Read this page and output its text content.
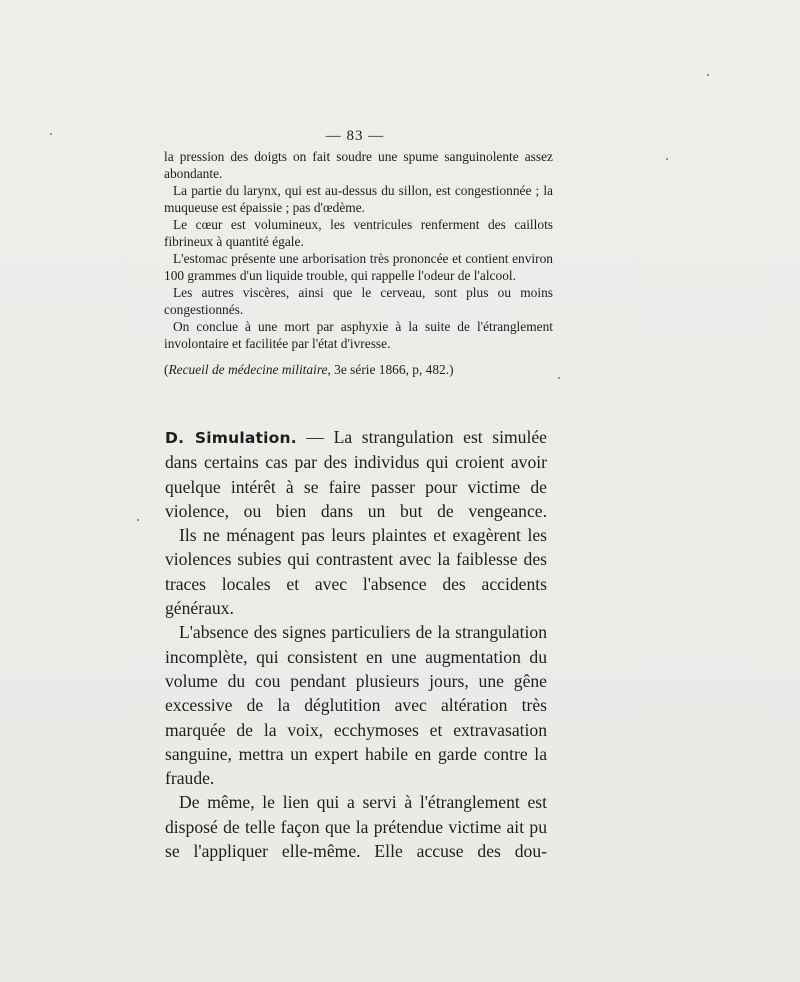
— 83 —

la pression des doigts on fait soudre une spume sanguinolente assez abondante.

La partie du larynx, qui est au-dessus du sillon, est congestionnée ; la muqueuse est épaissie ; pas d'œdème.

Le cœur est volumineux, les ventricules renferment des caillots fibrineux à quantité égale.

L'estomac présente une arborisation très prononcée et contient environ 100 grammes d'un liquide trouble, qui rappelle l'odeur de l'alcool.

Les autres viscères, ainsi que le cerveau, sont plus ou moins congestionnés.

On conclue à une mort par asphyxie à la suite de l'étranglement involontaire et facilitée par l'état d'ivresse.

(Recueil de médecine militaire, 3e série 1866, p, 482.)

D. Simulation. — La strangulation est simulée dans certains cas par des individus qui croient avoir quelque intérêt à se faire passer pour victime de violence, ou bien dans un but de vengeance.

Ils ne ménagent pas leurs plaintes et exagèrent les violences subies qui contrastent avec la faiblesse des traces locales et avec l'absence des accidents généraux.

L'absence des signes particuliers de la strangulation incomplète, qui consistent en une augmentation du volume du cou pendant plusieurs jours, une gêne excessive de la déglutition avec altération très marquée de la voix, ecchymoses et extravasation sanguine, mettra un expert habile en garde contre la fraude.

De même, le lien qui a servi à l'étranglement est disposé de telle façon que la prétendue victime ait pu se l'appliquer elle-même. Elle accuse des dou-
